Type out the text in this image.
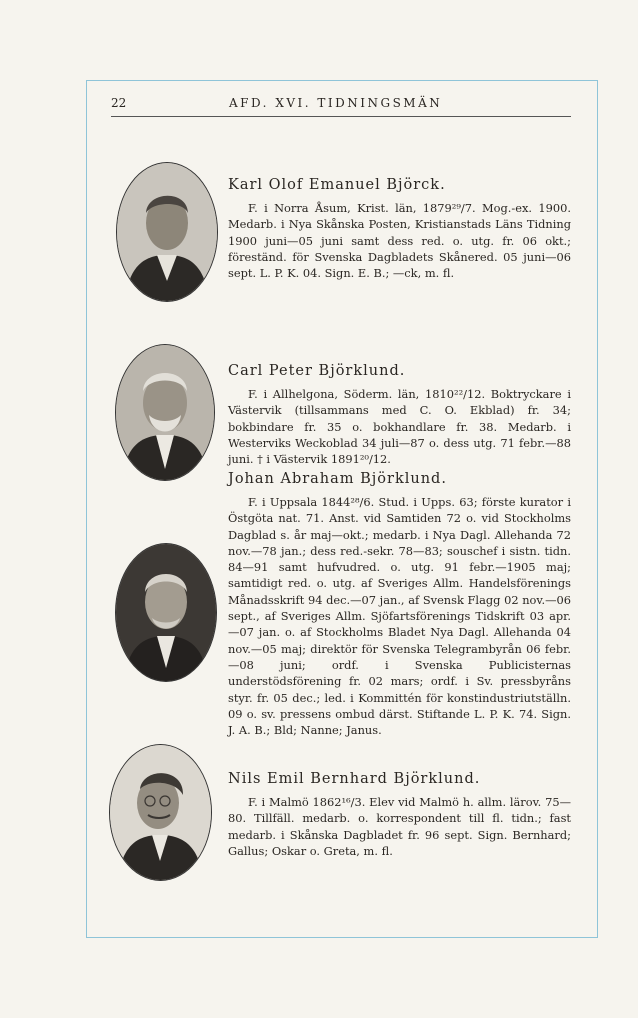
22	AFD. XVI. TIDNINGSMÄN
Karl Olof Emanuel Björck.
F. i Norra Åsum, Krist. län, 1879²⁹/7. Mog.-ex. 1900. Medarb. i Nya Skånska Posten, Kristianstads Läns Tidning 1900 juni—05 juni samt dess red. o. utg. fr. 06 okt.; föreständ. för Svenska Dagbladets Skånered. 05 juni—06 sept. L. P. K. 04. Sign. E. B.; —ck, m. fl.
Carl Peter Björklund.
F. i Allhelgona, Söderm. län, 1810²²/12. Boktryckare i Västervik (tillsammans med C. O. Ekblad) fr. 34; bokbindare fr. 35 o. bokhandlare fr. 38. Medarb. i Westerviks Weckoblad 34 juli—87 o. dess utg. 71 febr.—88 juni. † i Västervik 1891²⁰/12.
Johan Abraham Björklund.
F. i Uppsala 1844²⁸/6. Stud. i Upps. 63; förste kurator i Östgöta nat. 71. Anst. vid Samtiden 72 o. vid Stockholms Dagblad s. år maj—okt.; medarb. i Nya Dagl. Allehanda 72 nov.—78 jan.; dess red.-sekr. 78—83; souschef i sistn. tidn. 84—91 samt hufvudred. o. utg. 91 febr.—1905 maj; samtidigt red. o. utg. af Sveriges Allm. Handelsförenings Månadsskrift 94 dec.—07 jan., af Svensk Flagg 02 nov.—06 sept., af Sveriges Allm. Sjöfartsförenings Tidskrift 03 apr.—07 jan. o. af Stockholms Bladet Nya Dagl. Allehanda 04 nov.—05 maj; direktör för Svenska Telegrambyrån 06 febr.—08 juni; ordf. i Svenska Publicisternas understödsförening fr. 02 mars; ordf. i Sv. pressbyråns styr. fr. 05 dec.; led. i Kommittén för konstindustriutställn. 09 o. sv. pressens ombud därst. Stiftande L. P. K. 74. Sign. J. A. B.; Bld; Nanne; Janus.
Nils Emil Bernhard Björklund.
F. i Malmö 1862¹⁶/3. Elev vid Malmö h. allm. lärov. 75—80. Tillfäll. medarb. o. korrespondent till fl. tidn.; fast medarb. i Skånska Dagbladet fr. 96 sept. Sign. Bernhard; Gallus; Oskar o. Greta, m. fl.
